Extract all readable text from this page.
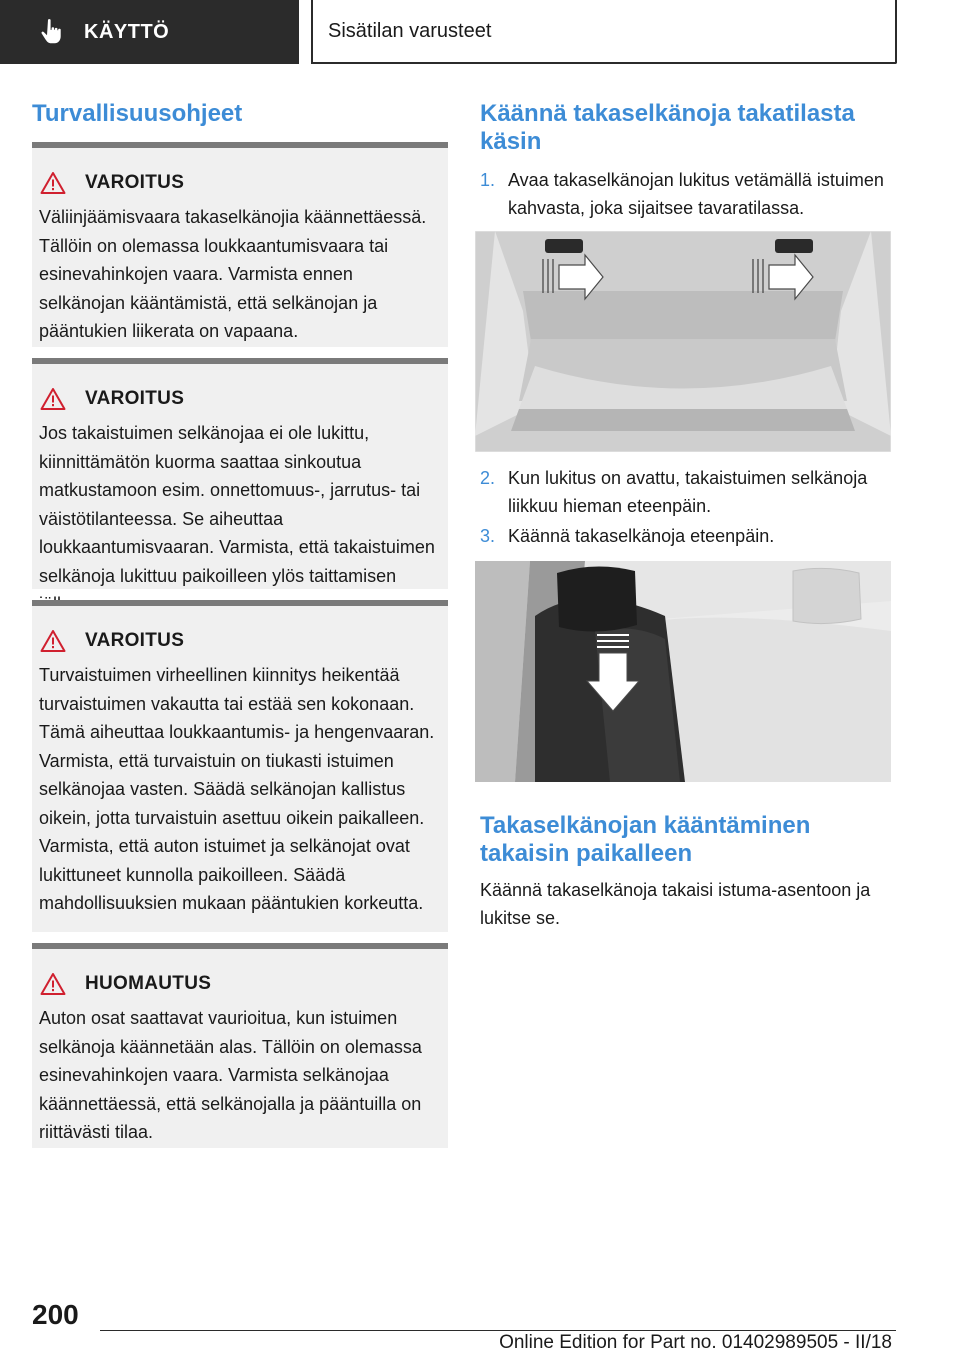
KÄYTTÖ	Sisätilan varusteet
Turvallisuusohjeet
VAROITUS
Väliinjäämisvaara takaselkänojia käännettäessä. Tällöin on olemassa loukkaantumisvaara tai esinevahinkojen vaara. Varmista ennen selkänojan kääntämistä, että selkänojan ja pääntukien liikerata on vapaana.
VAROITUS
Jos takaistuimen selkänojaa ei ole lukittu, kiinnittämätön kuorma saattaa sinkoutua matkustamoon esim. onnettomuus-, jarrutus- tai väistötilanteessa. Se aiheuttaa loukkaantumisvaaran. Varmista, että takaistuimen selkänoja lukittuu paikoilleen ylös taittamisen
VAROITUS
Turvaistuimen virheellinen kiinnitys heikentää turvaistuimen vakautta tai estää sen kokonaan. Tämä aiheuttaa loukkaantumis- ja hengenvaaran. Varmista, että turvaistuin on tiukasti istuimen selkänojaa vasten. Säädä selkänojan kallistus oikein, jotta turvaistuin asettuu oikein paikalleen. Varmista, että auton istuimet ja selkänojat ovat lukittuneet kunnolla paikoilleen. Säädä mahdollisuuksien mukaan pääntukien korkeutta.
HUOMAUTUS
Auton osat saattavat vaurioitua, kun istuimen selkänoja käännetään alas. Tällöin on olemassa esinevahinkojen vaara. Varmista selkänojaa käännettäessä, että selkänojalla ja pääntuilla on riittävästi tilaa.
Käännä takaselkänoja takatilasta käsin
1. Avaa takaselkänojan lukitus vetämällä istuimen kahvasta, joka sijaitsee tavaratilassa.
2. Kun lukitus on avattu, takaistuimen selkänoja liikkuu hieman eteenpäin.
3. Käännä takaselkänoja eteenpäin.
Takaselkänojan kääntäminen takaisin paikalleen
Käännä takaselkänoja takaisi istuma-asentoon ja lukitse se.
200
Online Edition for Part no. 01402989505 - II/18
